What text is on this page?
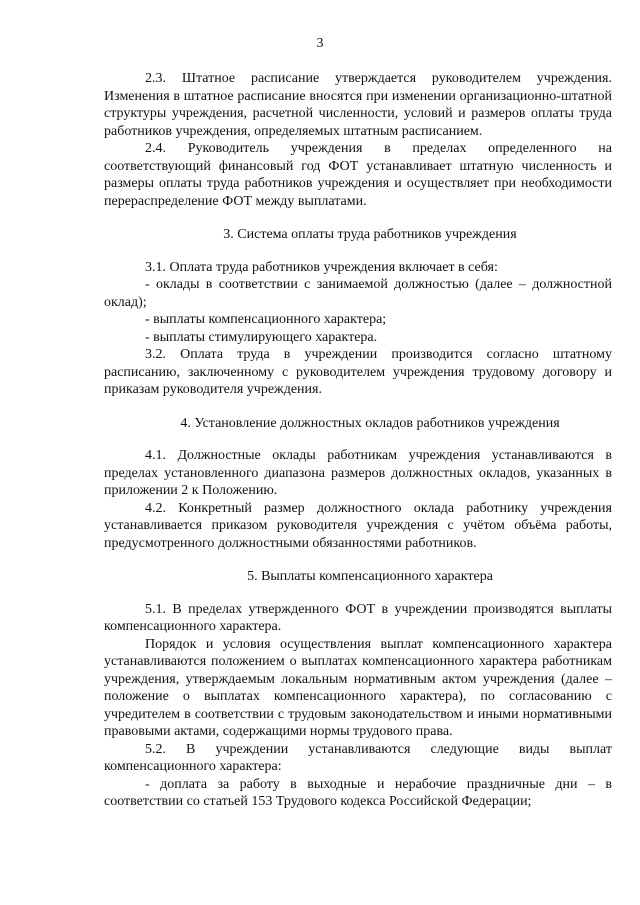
3

2.3. Штатное расписание утверждается руководителем учреждения. Изменения в штатное расписание вносятся при изменении организационно-штатной структуры учреждения, расчетной численности, условий и размеров оплаты труда работников учреждения, определяемых штатным расписанием.

2.4. Руководитель учреждения в пределах определенного на соответствующий финансовый год ФОТ устанавливает штатную численность и размеры оплаты труда работников учреждения и осуществляет при необходимости перераспределение ФОТ между выплатами.

3. Система оплаты труда работников учреждения

3.1. Оплата труда работников учреждения включает в себя:

- оклады в соответствии с занимаемой должностью (далее – должностной оклад);

- выплаты компенсационного характера;

- выплаты стимулирующего характера.

3.2. Оплата труда в учреждении производится согласно штатному расписанию, заключенному с руководителем учреждения трудовому договору и приказам руководителя учреждения.

4. Установление должностных окладов работников учреждения

4.1. Должностные оклады работникам учреждения устанавливаются в пределах установленного диапазона размеров должностных окладов, указанных в приложении 2 к Положению.

4.2. Конкретный размер должностного оклада работнику учреждения устанавливается приказом руководителя учреждения с учётом объёма работы, предусмотренного должностными обязанностями работников.

5. Выплаты компенсационного характера

5.1. В пределах утвержденного ФОТ в учреждении производятся выплаты компенсационного характера.

Порядок и условия осуществления выплат компенсационного характера устанавливаются положением о выплатах компенсационного характера работникам учреждения, утверждаемым локальным нормативным актом учреждения (далее – положение о выплатах компенсационного характера), по согласованию с учредителем в соответствии с трудовым законодательством и иными нормативными правовыми актами, содержащими нормы трудового права.

5.2. В учреждении устанавливаются следующие виды выплат компенсационного характера:

- доплата за работу в выходные и нерабочие праздничные дни – в соответствии со статьей 153 Трудового кодекса Российской Федерации;
